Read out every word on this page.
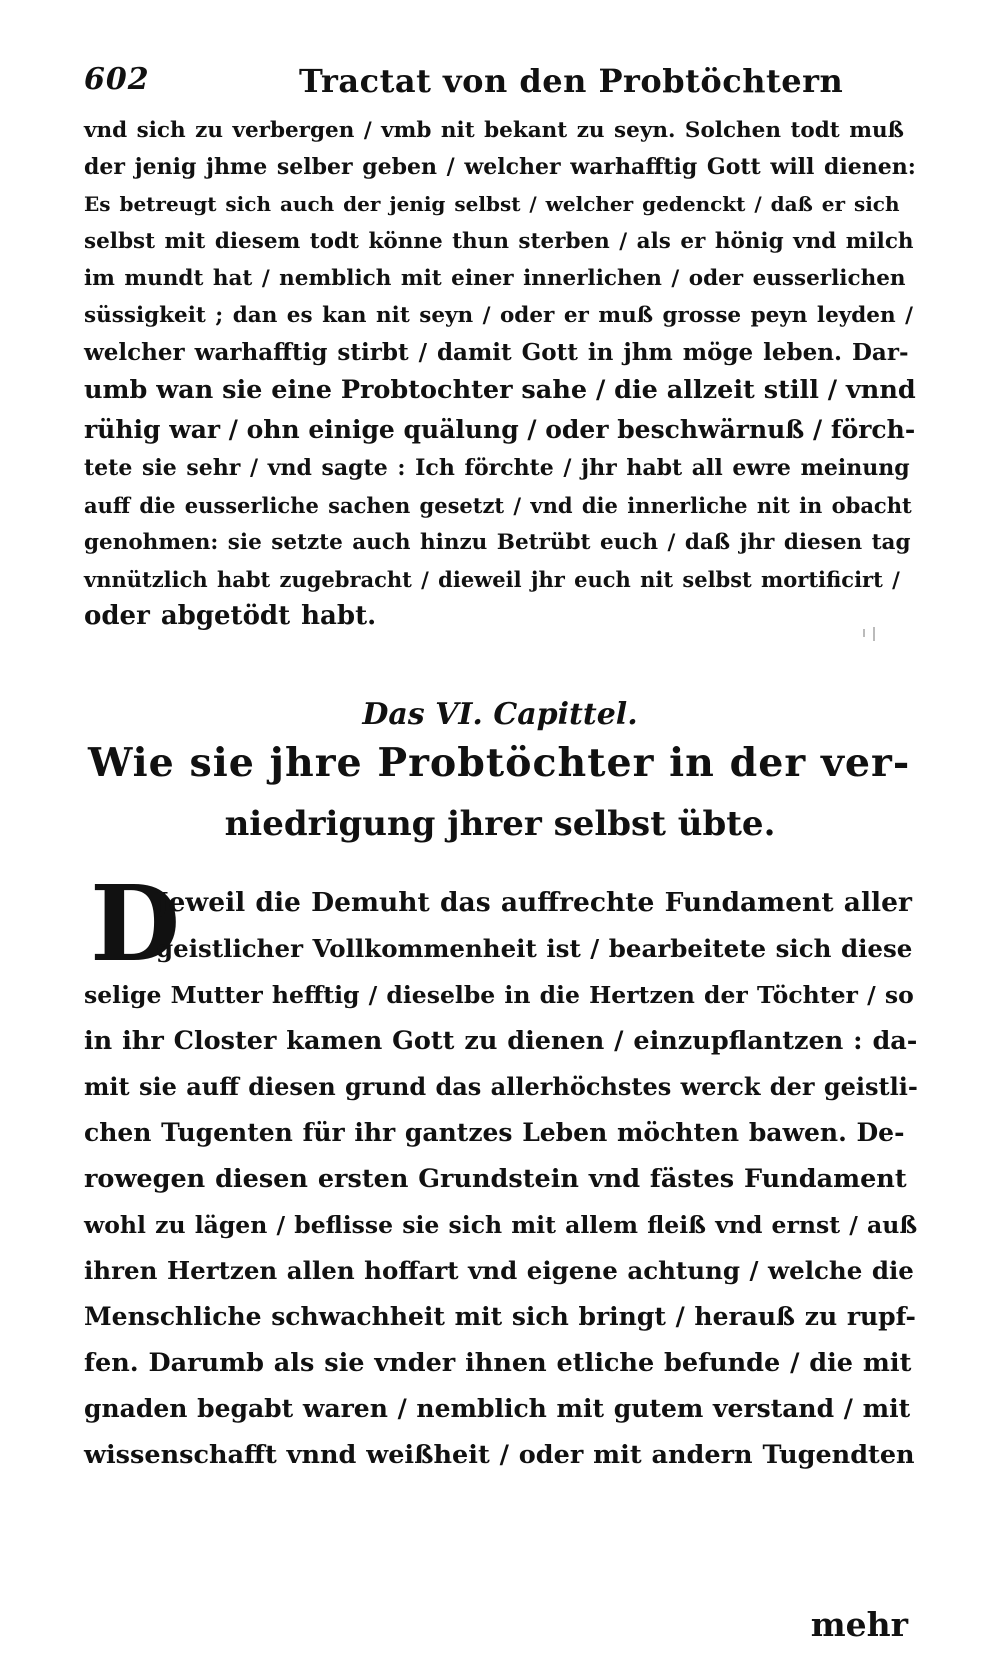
602	Tractat von den Probtöchtern
vnd sich zu verbergen / vmb nit bekant zu seyn. Solchen todt muß
der jenig jhme selber geben / welcher warhafftig Gott will dienen:
Es betreugt sich auch der jenig selbst / welcher gedenckt / daß er sich
selbst mit diesem todt könne thun sterben / als er hönig vnd milch
im mundt hat / nemblich mit einer innerlichen / oder eusserlichen
süssigkeit ; dan es kan nit seyn / oder er muß grosse peyn leyden /
welcher warhafftig stirbt / damit Gott in jhm möge leben. Dar-
umb wan sie eine Probtochter sahe / die allzeit still / vnnd
rühig war / ohn einige quälung / oder beschwärnuß / förch-
tete sie sehr / vnd sagte : Ich förchte / jhr habt all ewre meinung
auff die eusserliche sachen gesetzt / vnd die innerliche nit in obacht
genohmen: sie setzte auch hinzu Betrübt euch / daß jhr diesen tag
vnnützlich habt zugebracht / dieweil jhr euch nit selbst mortificirt /
oder abgetödt habt.
Das VI. Capittel.
Wie sie jhre Probtöchter in der ver-
niedrigung jhrer selbst übte.
D
Jeweil die Demuht das auffrechte Fundament aller
geistlicher Vollkommenheit ist / bearbeitete sich diese
selige Mutter hefftig / dieselbe in die Hertzen der Töchter / so
in ihr Closter kamen Gott zu dienen / einzupflantzen : da-
mit sie auff diesen grund das allerhöchstes werck der geistli-
chen Tugenten für ihr gantzes Leben möchten bawen. De-
rowegen diesen ersten Grundstein vnd fästes Fundament
wohl zu lägen / beflisse sie sich mit allem fleiß vnd ernst / auß
ihren Hertzen allen hoffart vnd eigene achtung / welche die
Menschliche schwachheit mit sich bringt / herauß zu rupf-
fen. Darumb als sie vnder ihnen etliche befunde / die mit
gnaden begabt waren / nemblich mit gutem verstand / mit
wissenschafft vnnd weißheit / oder mit andern Tugendten
mehr
